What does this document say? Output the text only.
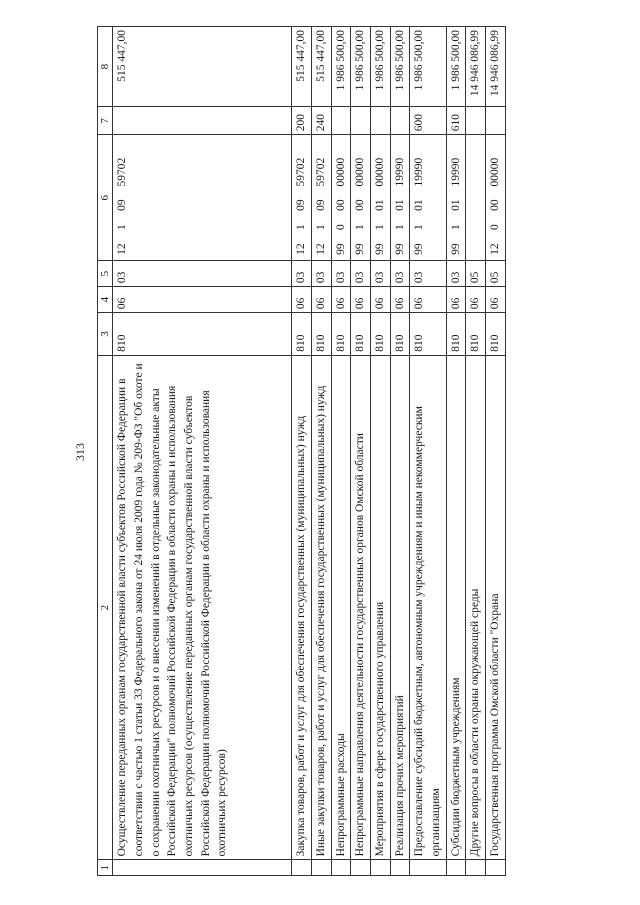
313
1	2	3	4	5	6	7	8
	Осуществление переданных органам государственной власти субъектов Российской Федерации в соответствии с частью 1 статьи 33 Федерального закона от 24 июля 2009 года № 209-ФЗ "Об охоте и о сохранении охотничьих ресурсов и о внесении изменений в отдельные законодательные акты Российской Федерации" полномочий Российской Федерации в области охраны и использования охотничьих ресурсов (осуществление переданных органам государственной власти субъектов Российской Федерации полномочий Российской Федерации в области охраны и использования охотничьих ресурсов)	810	06	03	1210959702		515 447,00
	Закупка товаров, работ и услуг для обеспечения государственных (муниципальных) нужд	810	06	03	1210959702	200	515 447,00
	Иные закупки товаров, работ и услуг для обеспечения государственных (муниципальных) нужд	810	06	03	1210959702	240	515 447,00
	Непрограммные расходы	810	06	03	9900000000		1 986 500,00
	Непрограммные направления деятельности государственных органов Омской области	810	06	03	9910000000		1 986 500,00
	Мероприятия в сфере государственного управления	810	06	03	9910100000		1 986 500,00
	Реализация прочих мероприятий	810	06	03	9910119990		1 986 500,00
	Предоставление субсидий бюджетным, автономным учреждениям и иным некоммерческим организациям	810	06	03	9910119990	600	1 986 500,00
	Субсидии бюджетным учреждениям	810	06	03	9910119990	610	1 986 500,00
	Другие вопросы в области охраны окружающей среды	810	06	05			14 946 086,99
	Государственная программа Омской области "Охрана	810	06	05	1200000000		14 946 086,99
